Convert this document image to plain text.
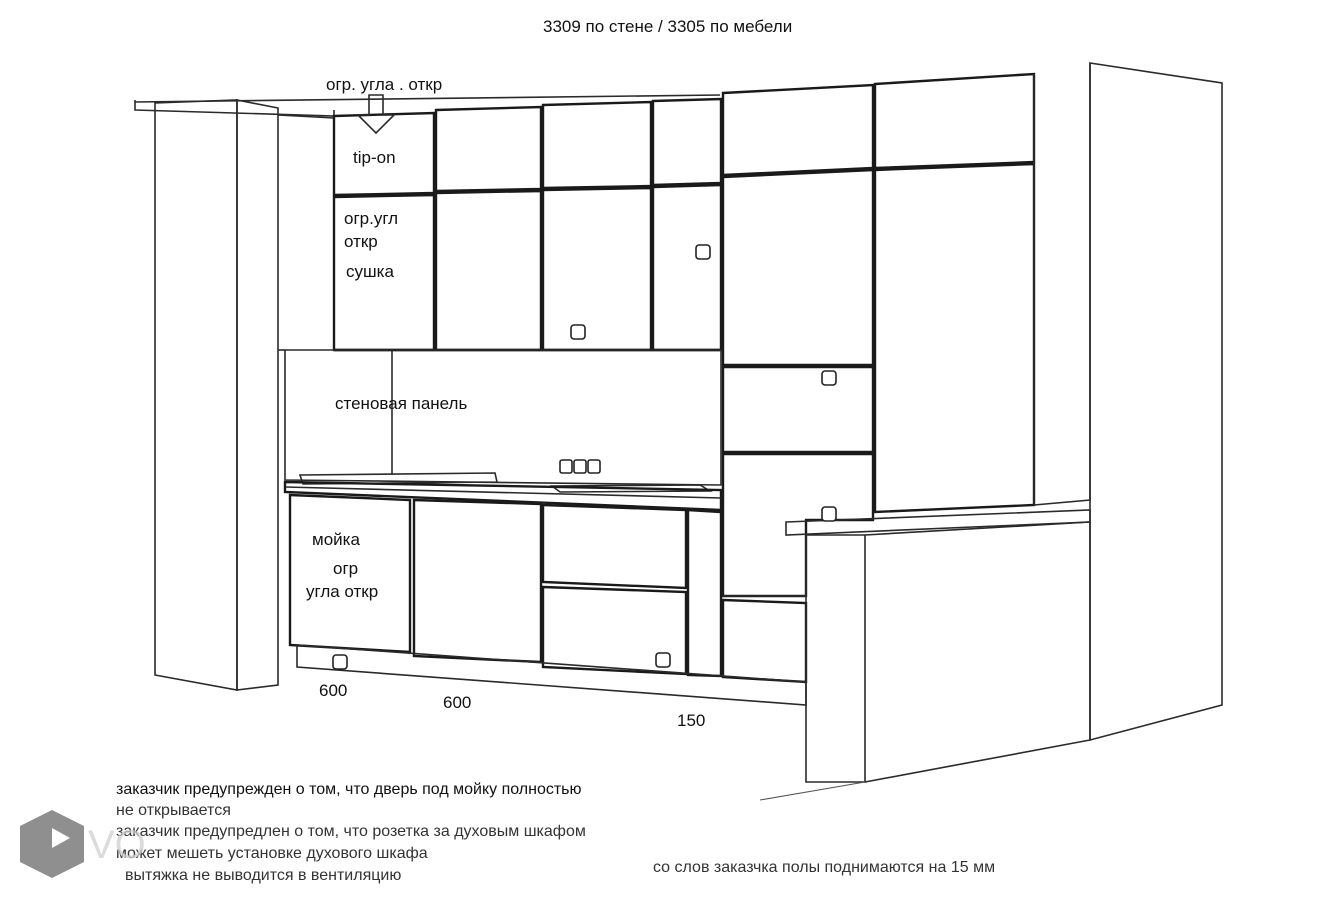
3309 по стене / 3305 по мебели
огр. угла . откр
tip-on
огр.угл
откр
сушка
стеновая панель
мойка
огр
угла откр
600
600
150
заказчик предупрежден о том, что дверь под мойку полностью
не открывается
заказчик предупредлен о том, что розетка за духовым шкафом
может мешеть установке духового шкафа
вытяжка не выводится в вентиляцию	со слов заказчка полы поднимаются на 15 мм
VO
